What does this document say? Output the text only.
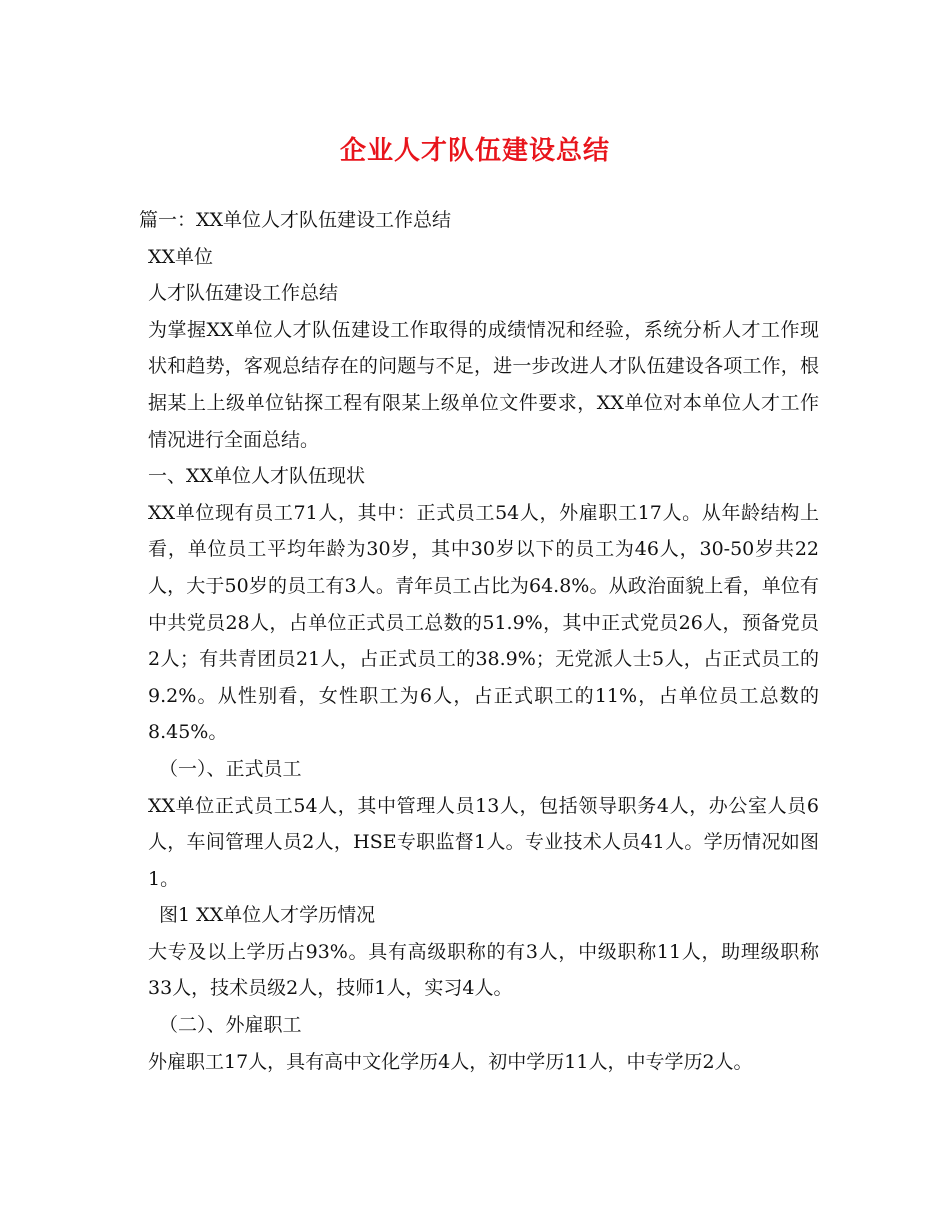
企业人才队伍建设总结

篇一：XX单位人才队伍建设工作总结

XX单位

人才队伍建设工作总结

为掌握XX单位人才队伍建设工作取得的成绩情况和经验，系统分析人才工作现状和趋势，客观总结存在的问题与不足，进一步改进人才队伍建设各项工作，根据某上上级单位钻探工程有限某上级单位文件要求，XX单位对本单位人才工作情况进行全面总结。

一、XX单位人才队伍现状

XX单位现有员工71人，其中：正式员工54人，外雇职工17人。从年龄结构上看，单位员工平均年龄为30岁，其中30岁以下的员工为46人，30-50岁共22人，大于50岁的员工有3人。青年员工占比为64.8%。从政治面貌上看，单位有中共党员28人，占单位正式员工总数的51.9%，其中正式党员26人，预备党员2人；有共青团员21人，占正式员工的38.9%；无党派人士5人，占正式员工的9.2%。从性别看，女性职工为6人，占正式职工的11%，占单位员工总数的8.45%。

（一）、正式员工

XX单位正式员工54人，其中管理人员13人，包括领导职务4人，办公室人员6人，车间管理人员2人，HSE专职监督1人。专业技术人员41人。学历情况如图1。

图1 XX单位人才学历情况

大专及以上学历占93%。具有高级职称的有3人，中级职称11人，助理级职称33人，技术员级2人，技师1人，实习4人。

（二）、外雇职工

外雇职工17人，具有高中文化学历4人，初中学历11人，中专学历2人。
